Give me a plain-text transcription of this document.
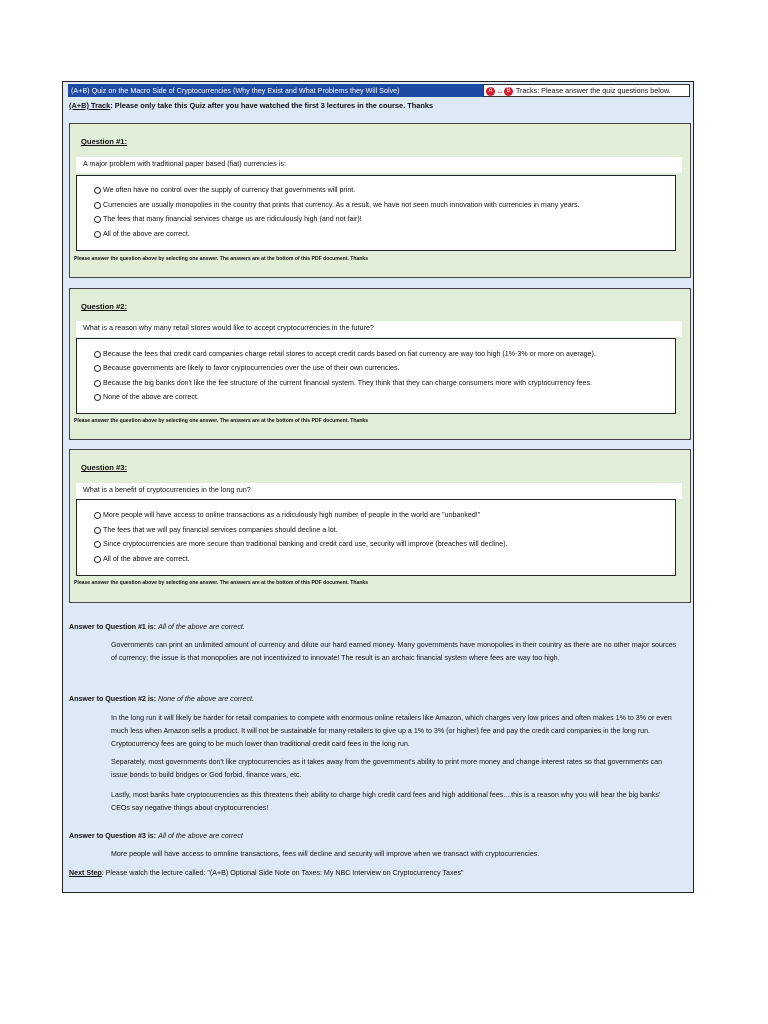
(A+B) Quiz on the Macro Side of Cryptocurrencies (Why they Exist and What Problems they Will Solve)	A ↔ B Tracks: Please answer the quiz questions below.
(A+B) Track: Please only take this Quiz after you have watched the first 3 lectures in the course. Thanks
Question #1:
A major problem with traditional paper based (fiat) currencies is:
We often have no control over the supply of currency that governments will print.
Currencies are usually monopolies in the country that prints that currency. As a result, we have not seen much innovation with currencies in many years.
The fees that many financial services charge us are ridiculously high (and not fair)!
All of the above are correct.
Please answer the question above by selecting one answer. The answers are at the bottom of this PDF document. Thanks
Question #2:
What is a reason why many retail stores would like to accept cryptocurrencies in the future?
Because the fees that credit card companies charge retail stores to accept credit cards based on fiat currency are way too high (1%-3% or more on average).
Because governments are likely to favor cryptocurrencies over the use of their own currencies.
Because the big banks don't like the fee structure of the current financial system. They think that they can charge consumers more with cryptocurrency fees.
None of the above are correct.
Please answer the question above by selecting one answer. The answers are at the bottom of this PDF document. Thanks
Question #3:
What is a benefit of cryptocurrencies in the long run?
More people will have access to online transactions as a ridiculously high number of people in the world are "unbanked!"
The fees that we will pay financial services companies should decline a lot.
Since cryptocurrencies are more secure than traditional banking and credit card use, security will improve (breaches will decline).
All of the above are correct.
Please answer the question above by selecting one answer. The answers are at the bottom of this PDF document. Thanks
Answer to Question #1 is: All of the above are correct.
Governments can print an unlimited amount of currency and dilute our hard earned money. Many governments have monopolies in their country as there are no other major sources of currency; the issue is that monopolies are not incentivized to innovate! The result is an archaic financial system where fees are way too high.
Answer to Question #2 is: None of the above are correct.
In the long run it will likely be harder for retail companies to compete with enormous online retailers like Amazon, which charges very low prices and often makes 1% to 3% or even much less when Amazon sells a product. It will not be sustainable for many retailers to give up a 1% to 3% (or higher) fee and pay the credit card companies in the long run. Cryptocurrency fees are going to be much lower than traditional credit card fees in the long run.
Separately, most governments don't like cryptocurrencies as it takes away from the government's ability to print more money and change interest rates so that governments can issue bonds to build bridges or God forbid, finance wars, etc.
Lastly, most banks hate cryptocurrencies as this threatens their ability to charge high credit card fees and high additional fees....this is a reason why you will hear the big banks' CEOs say negative things about cryptocurrencies!
Answer to Question #3 is: All of the above are correct
More people will have access to omnline transactions, fees will decline and security will improve when we transact with cryptocurrencies.
Next Step: Please watch the lecture called: "(A+B) Optional Side Note on Taxes: My NBC Interview on Cryptocurrency Taxes"
